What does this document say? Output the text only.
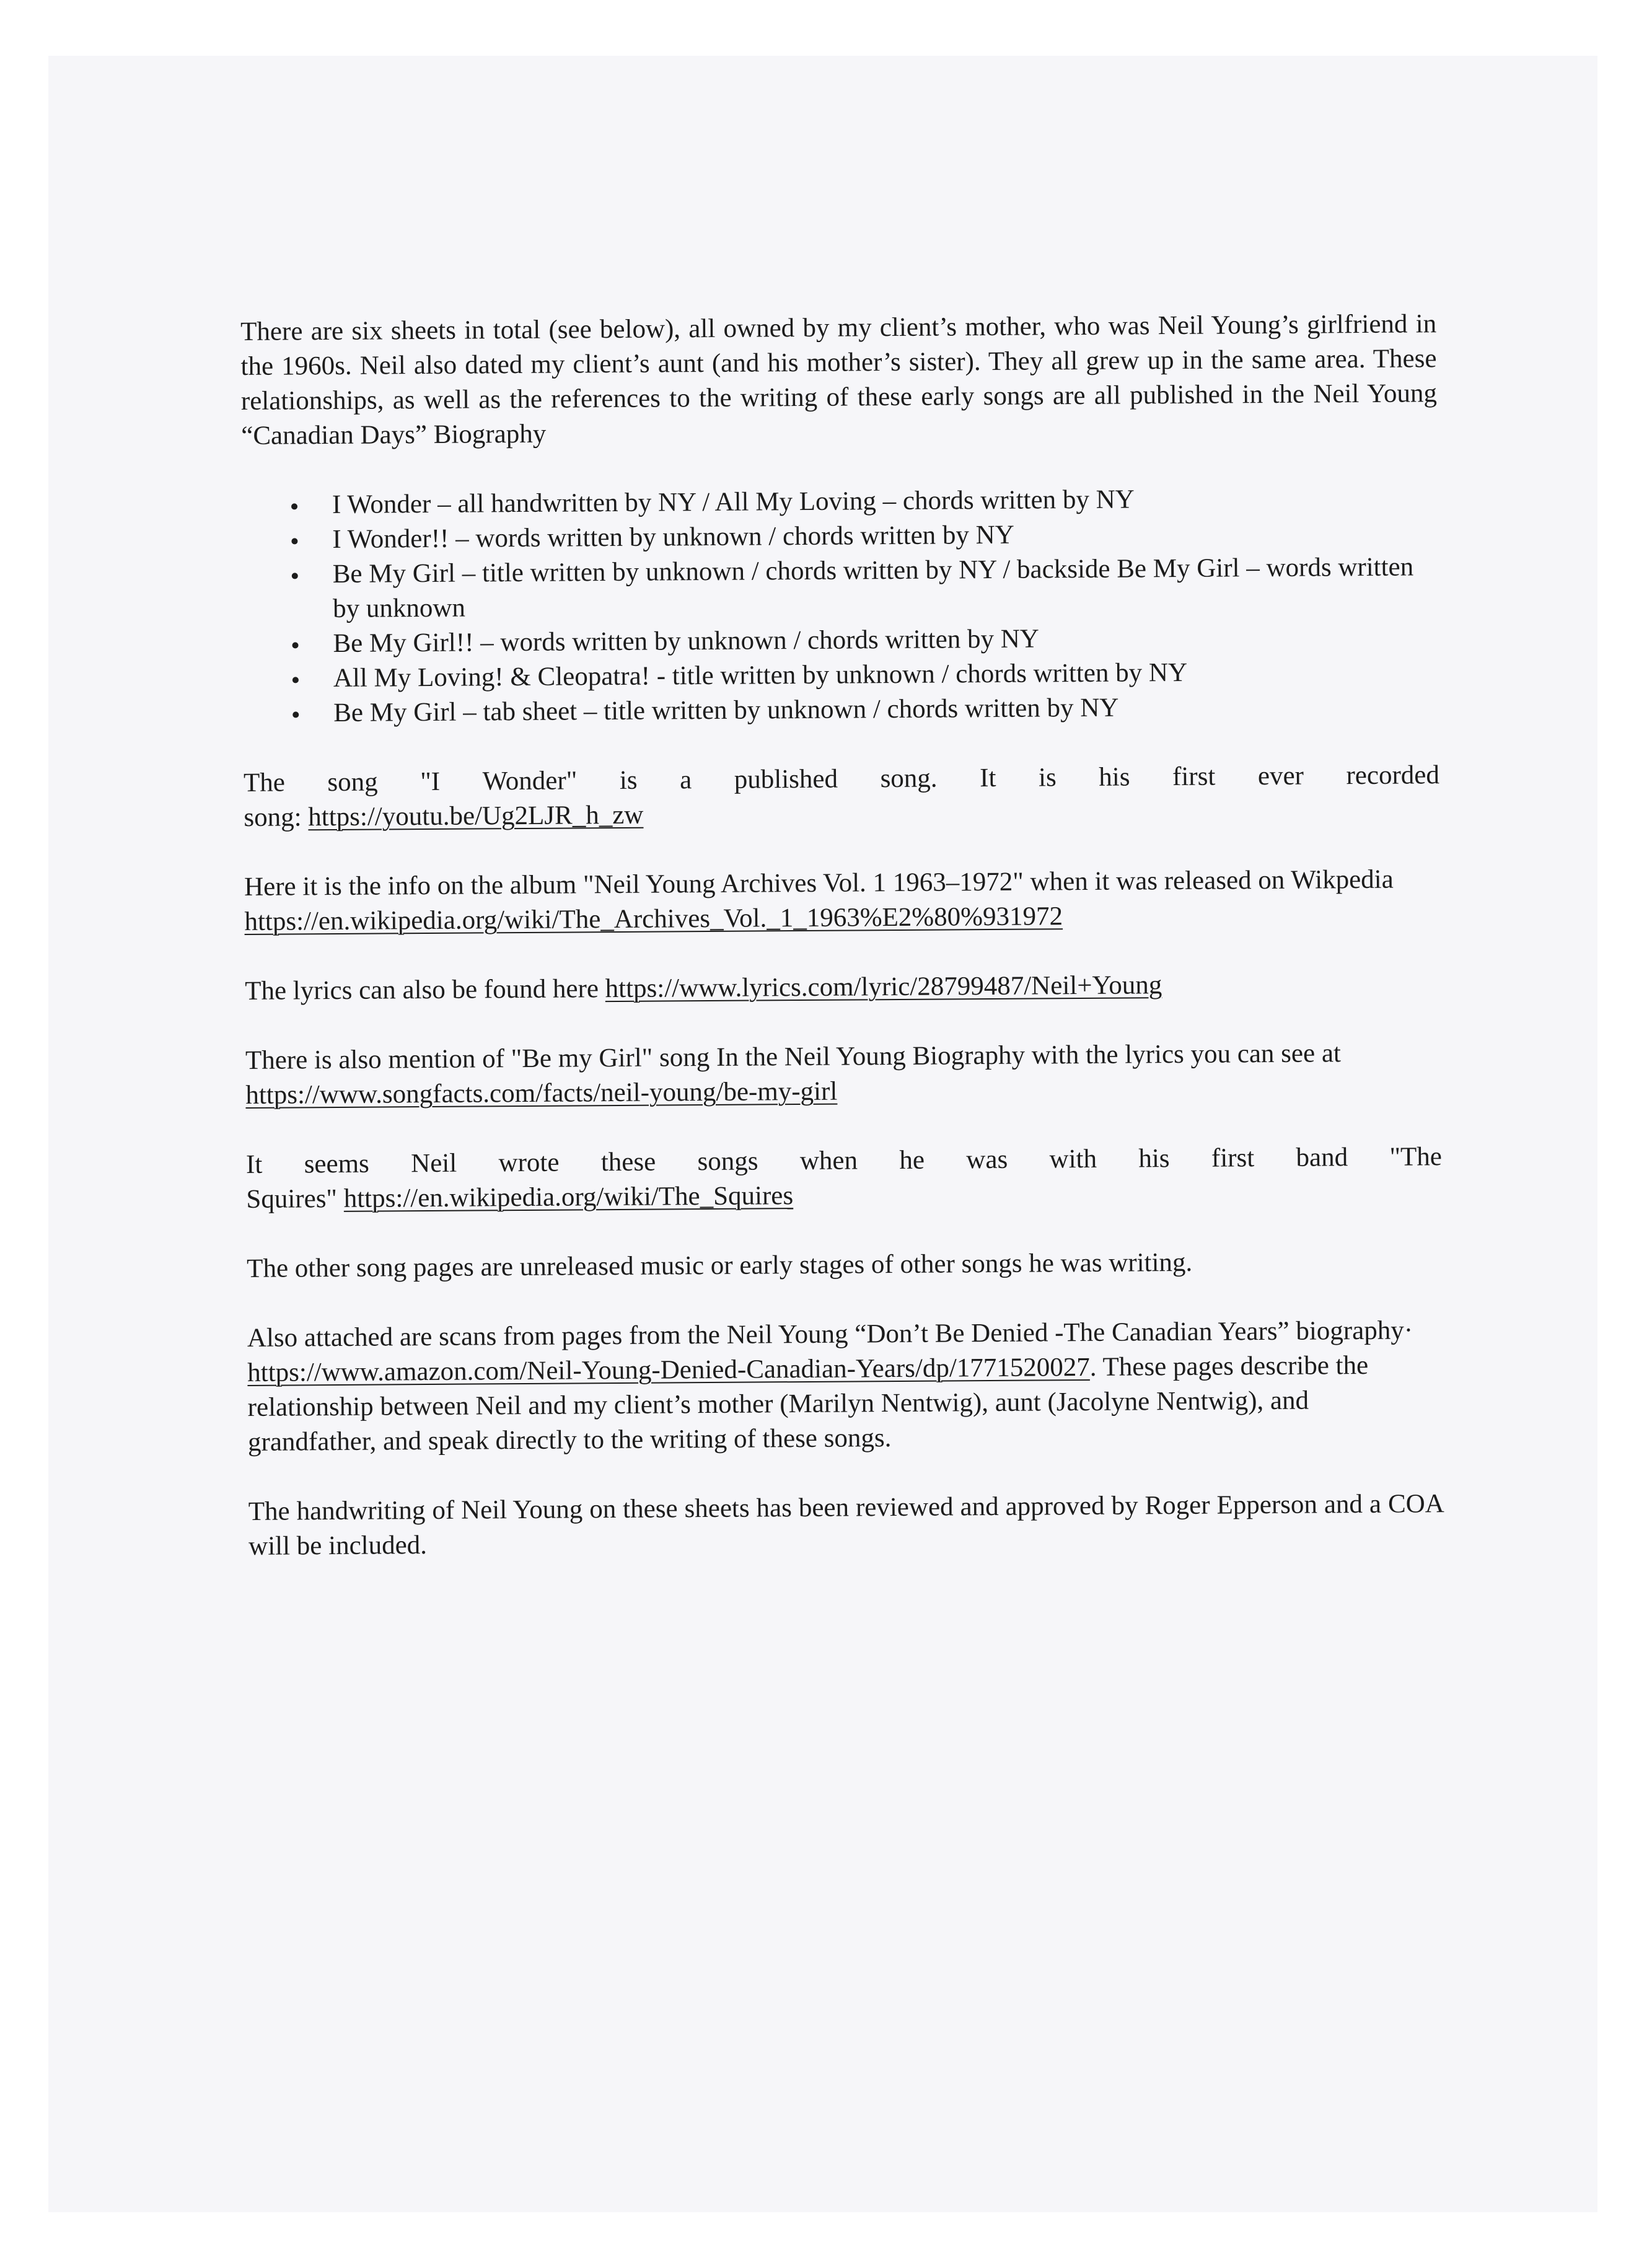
There are six sheets in total (see below), all owned by my client’s mother, who was Neil Young’s girlfriend in the 1960s. Neil also dated my client’s aunt (and his mother’s sister). They all grew up in the same area. These relationships, as well as the references to the writing of these early songs are all published in the Neil Young “Canadian Days” Biography

I Wonder – all handwritten by NY / All My Loving – chords written by NY
I Wonder!! – words written by unknown / chords written by NY
Be My Girl – title written by unknown / chords written by NY / backside Be My Girl – words written by unknown
Be My Girl!! – words written by unknown / chords written by NY
All My Loving! & Cleopatra! - title written by unknown / chords written by NY
Be My Girl – tab sheet – title written by unknown / chords written by NY
The song "I Wonder" is a published song. It is his first ever recorded
song: https://youtu.be/Ug2LJR_h_zw

Here it is the info on the album "Neil Young Archives Vol. 1 1963–1972" when it was released on Wikpedia https://en.wikipedia.org/wiki/The_Archives_Vol._1_1963%E2%80%931972

The lyrics can also be found here https://www.lyrics.com/lyric/28799487/Neil+Young

There is also mention of "Be my Girl" song In the Neil Young Biography with the lyrics you can see at https://www.songfacts.com/facts/neil-young/be-my-girl

It seems Neil wrote these songs when he was with his first band "The
Squires" https://en.wikipedia.org/wiki/The_Squires

The other song pages are unreleased music or early stages of other songs he was writing.

Also attached are scans from pages from the Neil Young “Don’t Be Denied -The Canadian Years” biography· https://www.amazon.com/Neil-Young-Denied-Canadian-Years/dp/1771520027. These pages describe the relationship between Neil and my client’s mother (Marilyn Nentwig), aunt (Jacolyne Nentwig), and grandfather, and speak directly to the writing of these songs.

The handwriting of Neil Young on these sheets has been reviewed and approved by Roger Epperson and a COA will be included.
